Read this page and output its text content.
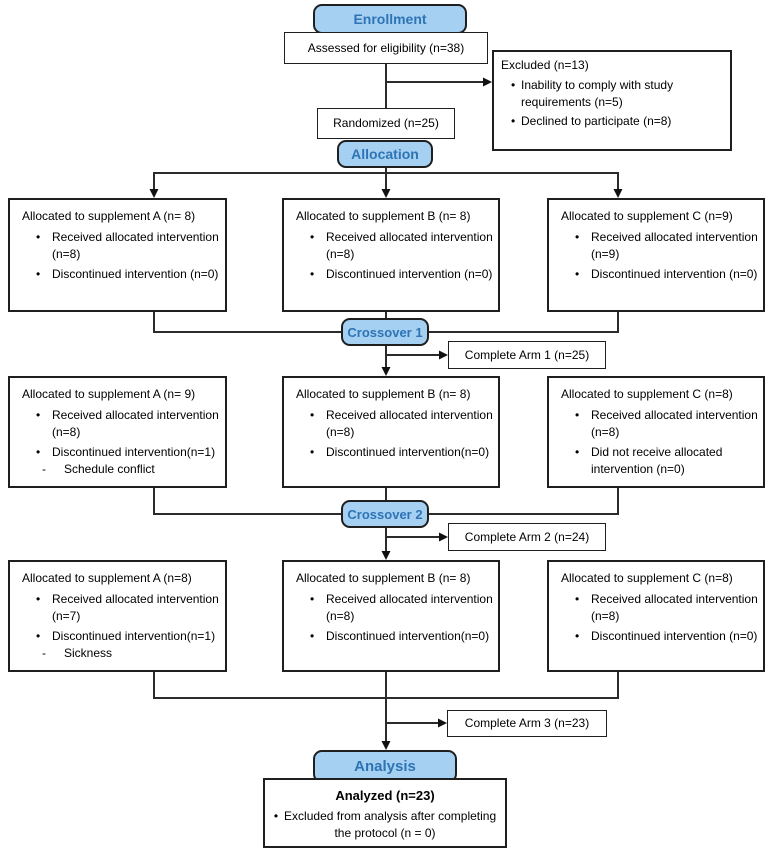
Enrollment
Allocation
Crossover 1
Crossover 2
Analysis
Assessed for eligibility (n=38)
Excluded (n=13)
• Inability to comply with study
requirements (n=5)
• Declined to participate (n=8)
Randomized (n=25)
Allocated to supplement A (n= 8)
• Received allocated intervention
(n=8)
• Discontinued intervention (n=0)
Allocated to supplement B (n= 8)
• Received allocated intervention
(n=8)
• Discontinued intervention (n=0)
Allocated to supplement C (n=9)
• Received allocated intervention
(n=9)
• Discontinued intervention (n=0)
Complete Arm 1 (n=25)
Allocated to supplement A (n= 9)
• Received allocated intervention
(n=8)
• Discontinued intervention(n=1)
-	Schedule conflict
Allocated to supplement B (n= 8)
• Received allocated intervention
(n=8)
• Discontinued intervention(n=0)
Allocated to supplement C (n=8)
• Received allocated intervention
(n=8)
• Did not receive allocated
intervention (n=0)
Complete Arm 2 (n=24)
Allocated to supplement A (n=8)
• Received allocated intervention
(n=7)
• Discontinued intervention(n=1)
-	Sickness
Allocated to supplement B (n= 8)
• Received allocated intervention
(n=8)
• Discontinued intervention(n=0)
Allocated to supplement C (n=8)
• Received allocated intervention
(n=8)
• Discontinued intervention (n=0)
Complete Arm 3 (n=23)
Analyzed (n=23)
• Excluded from analysis after completing
the protocol (n = 0)
